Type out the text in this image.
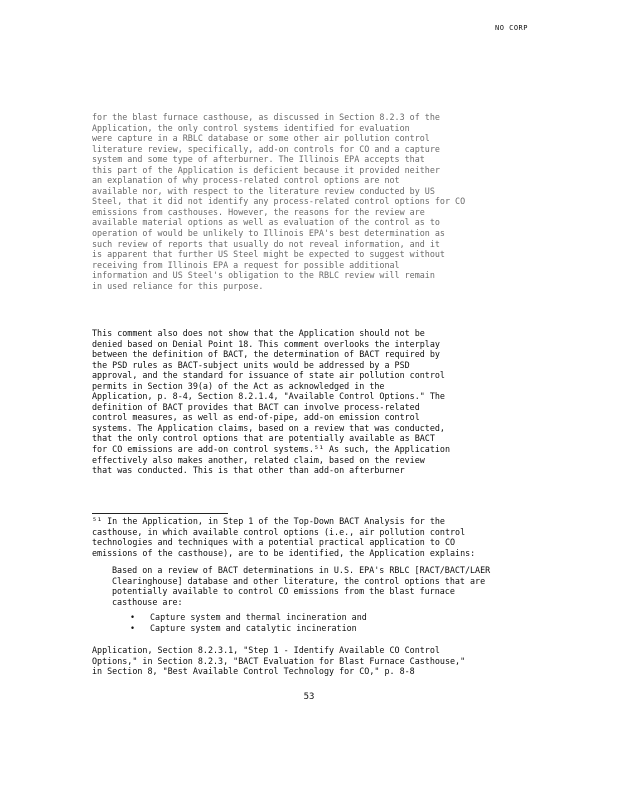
NO CORP

for the blast furnace casthouse, as discussed in Section 8.2.3 of the
Application, the only control systems identified for evaluation
were capture in a RBLC database or some other air pollution control
literature review, specifically, add-on controls for CO and a capture
system and some type of afterburner. The Illinois EPA accepts that
this part of the Application is deficient because it provided neither
an explanation of why process-related control options are not
available nor, with respect to the literature review conducted by US
Steel, that it did not identify any process-related control options for CO
emissions from casthouses. However, the reasons for the review are
available material options as well as evaluation of the control as to
operation of would be unlikely to Illinois EPA's best determination as
such review of reports that usually do not reveal information, and it
is apparent that further US Steel might be expected to suggest without
receiving from Illinois EPA a request for possible additional
information and US Steel's obligation to the RBLC review will remain
in used reliance for this purpose.

This comment also does not show that the Application should not be
denied based on Denial Point 18. This comment overlooks the interplay
between the definition of BACT, the determination of BACT required by
the PSD rules as BACT-subject units would be addressed by a PSD
approval, and the standard for issuance of state air pollution control
permits in Section 39(a) of the Act as acknowledged in the
Application, p. 8-4, Section 8.2.1.4, "Available Control Options." The
definition of BACT provides that BACT can involve process-related
control measures, as well as end-of-pipe, add-on emission control
systems. The Application claims, based on a review that was conducted,
that the only control options that are potentially available as BACT
for CO emissions are add-on control systems.⁵¹ As such, the Application
effectively also makes another, related claim, based on the review
that was conducted. This is that other than add-on afterburner

⁵¹ In the Application, in Step 1 of the Top-Down BACT Analysis for the
casthouse, in which available control options (i.e., air pollution control
technologies and techniques with a potential practical application to CO
emissions of the casthouse), are to be identified, the Application explains:

Based on a review of BACT determinations in U.S. EPA's RBLC [RACT/BACT/LAER
Clearinghouse] database and other literature, the control options that are
potentially available to control CO emissions from the blast furnace
casthouse are:

• Capture system and thermal incineration and
• Capture system and catalytic incineration

Application, Section 8.2.3.1, "Step 1 - Identify Available CO Control
Options," in Section 8.2.3, "BACT Evaluation for Blast Furnace Casthouse,"
in Section 8, "Best Available Control Technology for CO," p. 8-8

53
